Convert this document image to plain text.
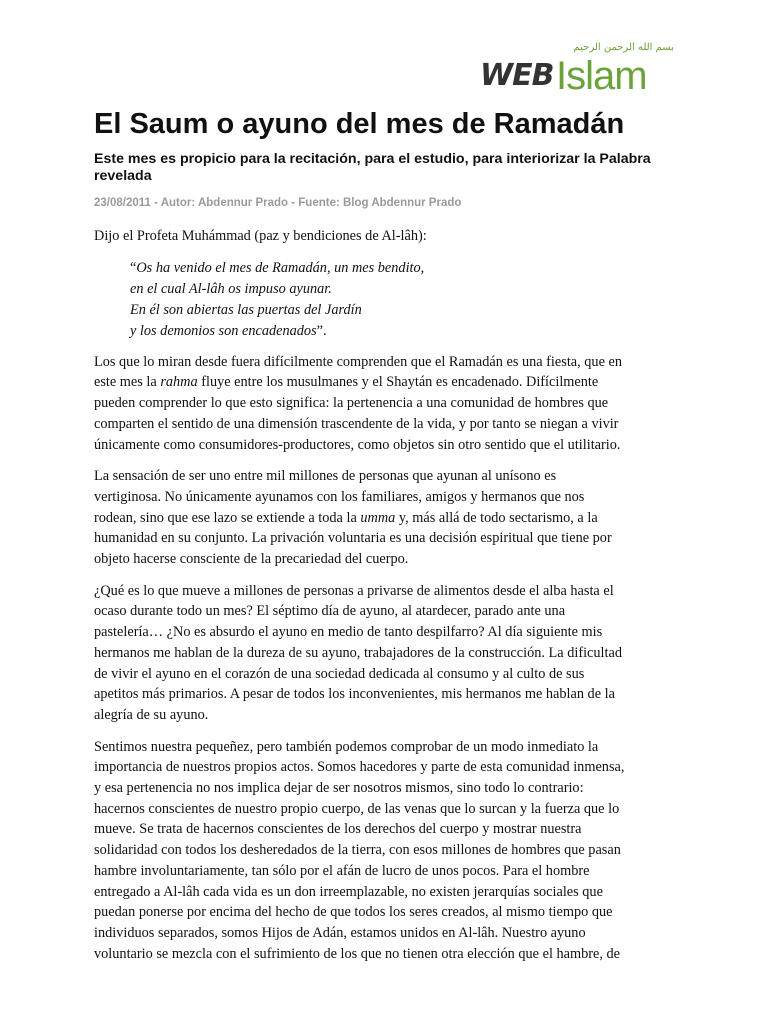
بسم الله الرحمن الرحيم
WEB Islam
El Saum o ayuno del mes de Ramadán

Este mes es propicio para la recitación, para el estudio, para interiorizar la Palabra revelada

23/08/2011 - Autor: Abdennur Prado - Fuente: Blog Abdennur Prado

Dijo el Profeta Muhámmad (paz y bendiciones de Al-lâh):

“Os ha venido el mes de Ramadán, un mes bendito,
en el cual Al-lâh os impuso ayunar.
En él son abiertas las puertas del Jardín
y los demonios son encadenados”.
Los que lo miran desde fuera difícilmente comprenden que el Ramadán es una fiesta, que en
este mes la rahma fluye entre los musulmanes y el Shaytán es encadenado. Difícilmente
pueden comprender lo que esto significa: la pertenencia a una comunidad de hombres que
comparten el sentido de una dimensión trascendente de la vida, y por tanto se niegan a vivir
únicamente como consumidores-productores, como objetos sin otro sentido que el utilitario.
La sensación de ser uno entre mil millones de personas que ayunan al unísono es
vertiginosa. No únicamente ayunamos con los familiares, amigos y hermanos que nos
rodean, sino que ese lazo se extiende a toda la umma y, más allá de todo sectarismo, a la
humanidad en su conjunto. La privación voluntaria es una decisión espiritual que tiene por
objeto hacerse consciente de la precariedad del cuerpo.
¿Qué es lo que mueve a millones de personas a privarse de alimentos desde el alba hasta el
ocaso durante todo un mes? El séptimo día de ayuno, al atardecer, parado ante una
pastelería… ¿No es absurdo el ayuno en medio de tanto despilfarro? Al día siguiente mis
hermanos me hablan de la dureza de su ayuno, trabajadores de la construcción. La dificultad
de vivir el ayuno en el corazón de una sociedad dedicada al consumo y al culto de sus
apetitos más primarios. A pesar de todos los inconvenientes, mis hermanos me hablan de la
alegría de su ayuno.
Sentimos nuestra pequeñez, pero también podemos comprobar de un modo inmediato la
importancia de nuestros propios actos. Somos hacedores y parte de esta comunidad inmensa,
y esa pertenencia no nos implica dejar de ser nosotros mismos, sino todo lo contrario:
hacernos conscientes de nuestro propio cuerpo, de las venas que lo surcan y la fuerza que lo
mueve. Se trata de hacernos conscientes de los derechos del cuerpo y mostrar nuestra
solidaridad con todos los desheredados de la tierra, con esos millones de hombres que pasan
hambre involuntariamente, tan sólo por el afán de lucro de unos pocos. Para el hombre
entregado a Al-lâh cada vida es un don irreemplazable, no existen jerarquías sociales que
puedan ponerse por encima del hecho de que todos los seres creados, al mismo tiempo que
individuos separados, somos Hijos de Adán, estamos unidos en Al-lâh. Nuestro ayuno
voluntario se mezcla con el sufrimiento de los que no tienen otra elección que el hambre, de
